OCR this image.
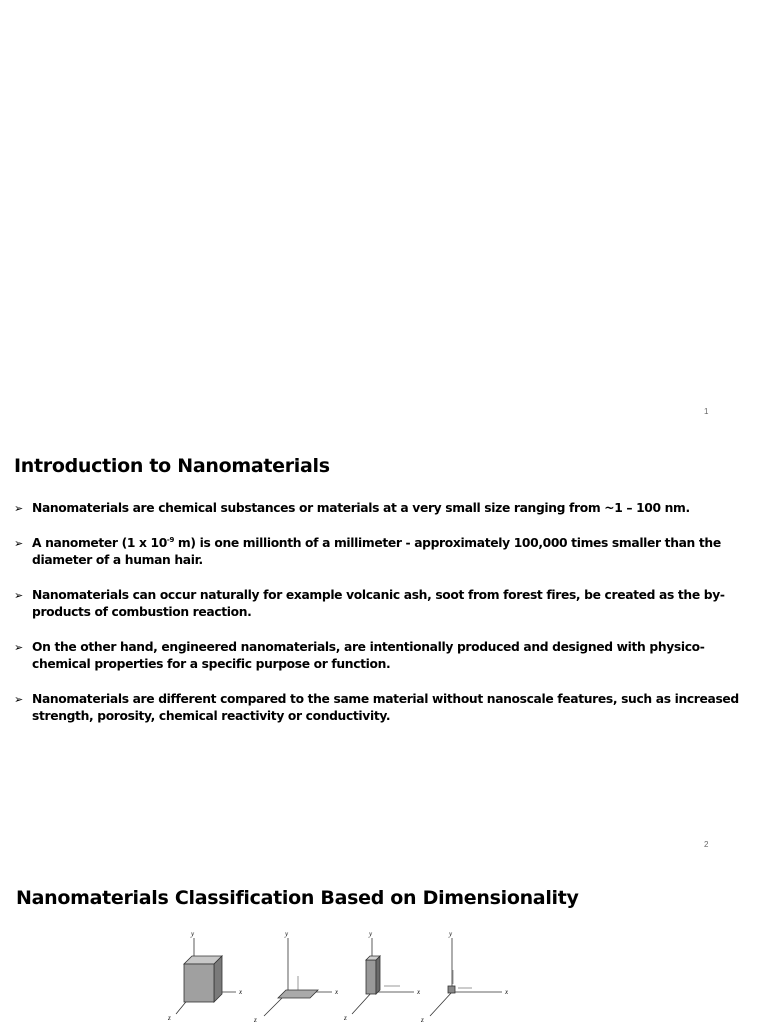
1
Introduction to Nanomaterials
➢ Nanomaterials are chemical substances or materials at a very small size ranging from ~1 – 100 nm.
➢ A nanometer (1 x $10^{-9}$ m) is one millionth of a millimeter - approximately 100,000 times smaller than the diameter of a human hair.
➢ Nanomaterials can occur naturally for example volcanic ash, soot from forest fires, be created as the by-products of combustion reaction.
➢ On the other hand, engineered nanomaterials, are intentionally produced and designed with physico-chemical properties for a specific purpose or function.
➢ Nanomaterials are different compared to the same material without nanoscale features, such as increased strength, porosity, chemical reactivity or conductivity.
2
Nanomaterials Classification Based on Dimensionality
y
x
z
y
x
z
y
x
z
y
x
z
